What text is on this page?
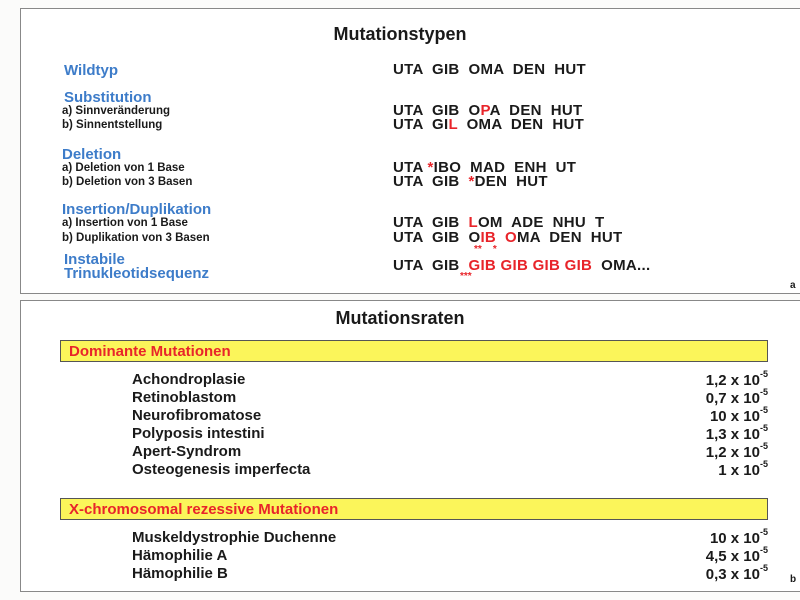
Mutationstypen
Wildtyp	UTA  GIB  OMA  DEN  HUT
Substitution
a) Sinnveränderung	UTA  GIB  OPA  DEN  HUT
b) Sinnentstellung	UTA  GIL  OMA  DEN  HUT
Deletion
a) Deletion von 1 Base	UTA *IBO  MAD  ENH  UT
b) Deletion von 3 Basen	UTA  GIB  *DEN  HUT
Insertion/Duplikation
a) Insertion von 1 Base	UTA  GIB  LOM  ADE  NHU  T
b) Duplikation von 3 Basen	UTA  GIB  OIB OMA  DEN  HUT
**    *
Instabile
Trinukleotidsequenz	UTA  GIB  GIB GIB GIB GIB  OMA...
***
a
Mutationsraten
Dominante Mutationen
Achondroplasie	1,2 x $10^{-5}$
Retinoblastom	0,7 x $10^{-5}$
Neurofibromatose	10 x $10^{-5}$
Polyposis intestini	1,3 x $10^{-5}$
Apert-Syndrom	1,2 x $10^{-5}$
Osteogenesis imperfecta	1 x $10^{-5}$
X-chromosomal rezessive Mutationen
Muskeldystrophie Duchenne	10 x $10^{-5}$
Hämophilie A	4,5 x $10^{-5}$
Hämophilie B	0,3 x $10^{-5}$
b
